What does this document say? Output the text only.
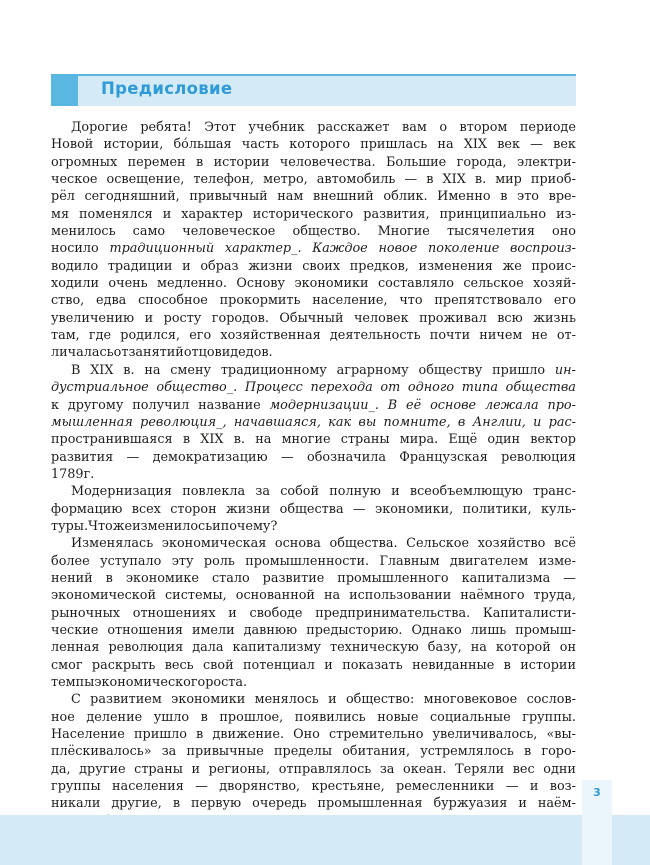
Предисловие
Дорогие ребята! Этот учебник расскажет вам о втором периоде
Новой истории, бо́льшая часть которого пришлась на XIX век — век
огромных перемен в истории человечества. Большие города, электри-
ческое освещение, телефон, метро, автомобиль — в XIX в. мир приоб-
рёл сегодняшний, привычный нам внешний облик. Именно в это вре-
мя поменялся и характер исторического развития, принципиально из-
менилось само человеческое общество. Многие тысячелетия оно
носило традиционный характер_. Каждое новое поколение воспроиз-
водило традиции и образ жизни своих предков, изменения же проис-
ходили очень медленно. Основу экономики составляло сельское хозяй-
ство, едва способное прокормить население, что препятствовало его
увеличению и росту городов. Обычный человек проживал всю жизнь
там, где родился, его хозяйственная деятельность почти ничем не от-
личалась от занятий отцов и дедов.
В XIX в. на смену традиционному аграрному обществу пришло ин-
дустриальное общество_. Процесс перехода от одного типа общества
к другому получил название модернизации_. В её основе лежала про-
мышленная революция_, начавшаяся, как вы помните, в Англии, и рас-
пространившаяся в XIX в. на многие страны мира. Ещё один вектор
развития — демократизацию — обозначила Французская революция
1789 г.
Модернизация повлекла за собой полную и всеобъемлющую транс-
формацию всех сторон жизни общества — экономики, политики, куль-
туры. Что же изменилось и почему?
Изменялась экономическая основа общества. Сельское хозяйство всё
более уступало эту роль промышленности. Главным двигателем изме-
нений в экономике стало развитие промышленного капитализма —
экономической системы, основанной на использовании наёмного труда,
рыночных отношениях и свободе предпринимательства. Капиталисти-
ческие отношения имели давнюю предысторию. Однако лишь промыш-
ленная революция дала капитализму техническую базу, на которой он
смог раскрыть весь свой потенциал и показать невиданные в истории
темпы экономического роста.
С развитием экономики менялось и общество: многовековое сослов-
ное деление ушло в прошлое, появились новые социальные группы.
Население пришло в движение. Оно стремительно увеличивалось, «вы-
плёскивалось» за привычные пределы обитания, устремлялось в горо-
да, другие страны и регионы, отправлялось за океан. Теряли вес одни
группы населения — дворянство, крестьяне, ремесленники — и воз-
никали другие, в первую очередь промышленная буржуазия и наём-
3
